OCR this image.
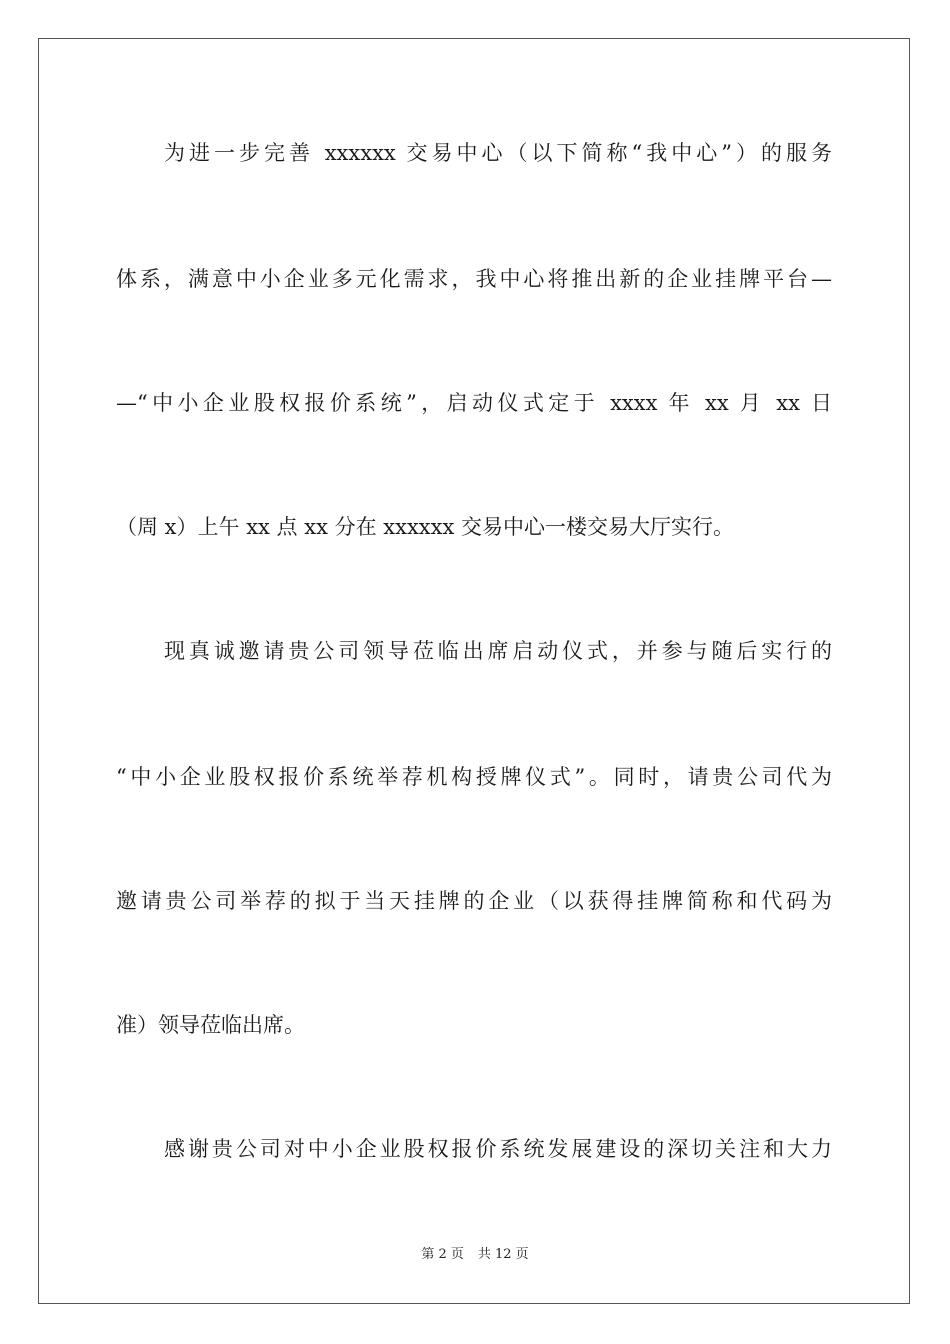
为进一步完善 xxxxxx 交易中心（以下简称“我中心”）的服务
体系，满意中小企业多元化需求，我中心将推出新的企业挂牌平台—
—“中小企业股权报价系统”，启动仪式定于 xxxx 年 xx 月 xx 日
（周 x）上午 xx 点 xx 分在 xxxxxx 交易中心一楼交易大厅实行。
现真诚邀请贵公司领导莅临出席启动仪式，并参与随后实行的
“中小企业股权报价系统举荐机构授牌仪式”。同时，请贵公司代为
邀请贵公司举荐的拟于当天挂牌的企业（以获得挂牌简称和代码为
准）领导莅临出席。
感谢贵公司对中小企业股权报价系统发展建设的深切关注和大力
第 2 页 共 12 页
